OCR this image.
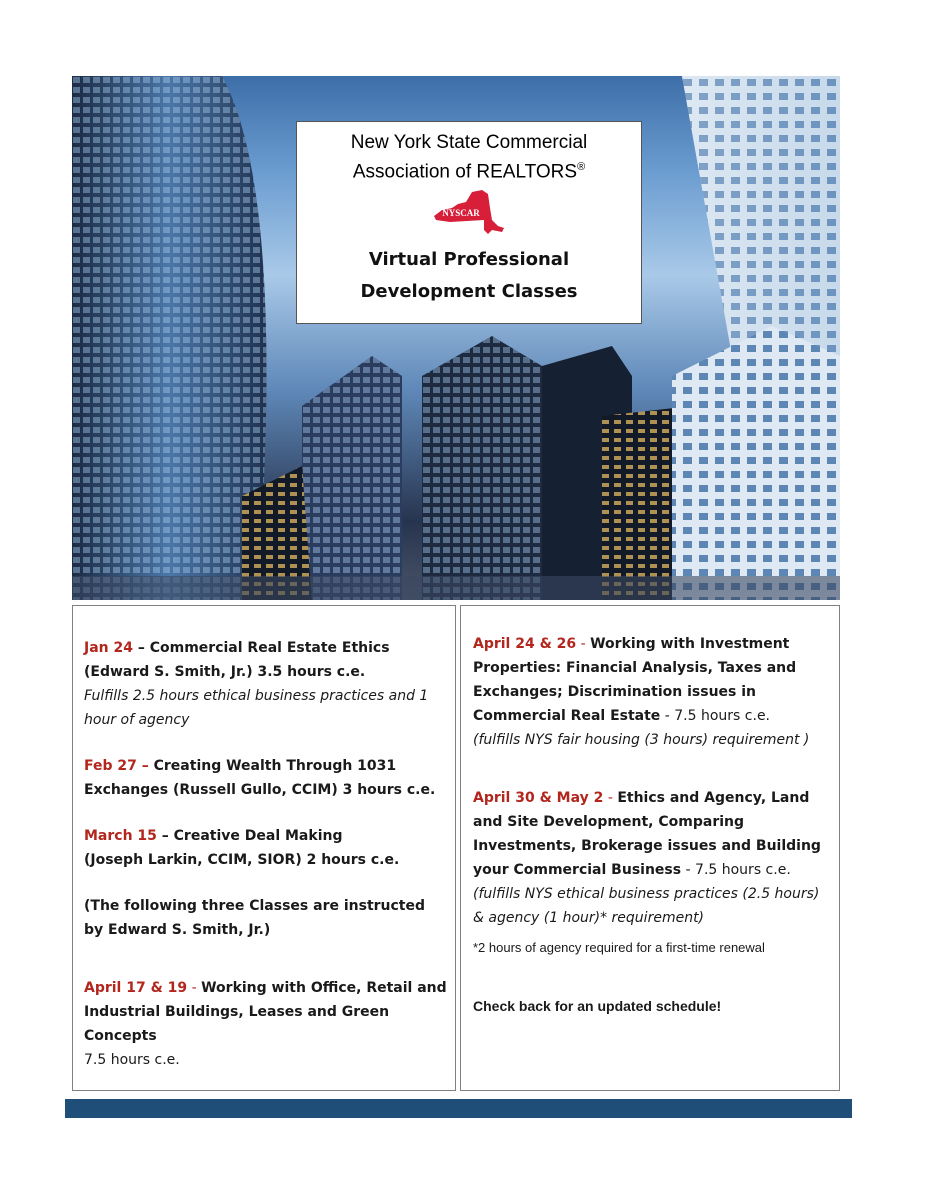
New York State Commercial
Association of REALTORS®
NYSCAR
Virtual Professional
Development Classes
Jan 24 – Commercial Real Estate Ethics
(Edward S. Smith, Jr.) 3.5 hours c.e.
Fulfills 2.5 hours ethical business practices and 1 hour of agency
Feb 27 – Creating Wealth Through 1031 Exchanges (Russell Gullo, CCIM) 3 hours c.e.
March 15 – Creative Deal Making
(Joseph Larkin, CCIM, SIOR) 2 hours c.e.
(The following three Classes are instructed by Edward S. Smith, Jr.)
April 17 & 19 - Working with Office, Retail and Industrial Buildings, Leases and Green Concepts
7.5 hours c.e.
April 24 & 26 - Working with Investment Properties: Financial Analysis, Taxes and Exchanges; Discrimination issues in Commercial Real Estate - 7.5 hours c.e.
(fulfills NYS fair housing (3 hours) requirement )
April 30 & May 2 - Ethics and Agency, Land and Site Development, Comparing Investments, Brokerage issues and Building your Commercial Business - 7.5 hours c.e. (fulfills NYS ethical business practices (2.5 hours) & agency (1 hour)* requirement)
*2 hours of agency required for a first-time renewal
Check back for an updated schedule!
